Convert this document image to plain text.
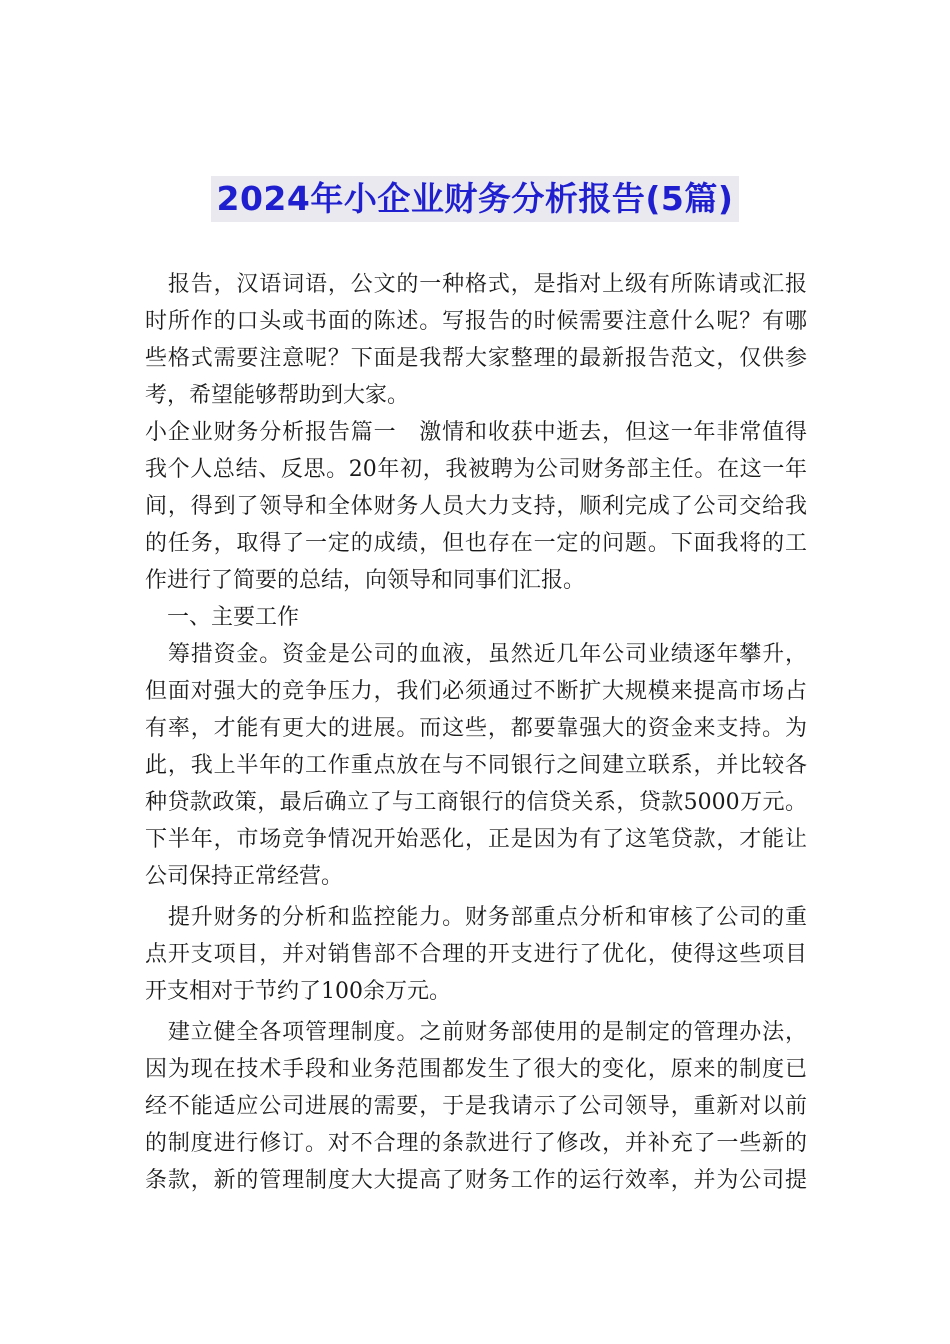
2024年小企业财务分析报告(5篇)
　报告，汉语词语，公文的一种格式，是指对上级有所陈请或汇报
时所作的口头或书面的陈述。写报告的时候需要注意什么呢？有哪
些格式需要注意呢？下面是我帮大家整理的最新报告范文，仅供参
考，希望能够帮助到大家。
小企业财务分析报告篇一　激情和收获中逝去，但这一年非常值得
我个人总结、反思。20年初，我被聘为公司财务部主任。在这一年
间，得到了领导和全体财务人员大力支持，顺利完成了公司交给我
的任务，取得了一定的成绩，但也存在一定的问题。下面我将的工
作进行了简要的总结，向领导和同事们汇报。
　一、主要工作
　筹措资金。资金是公司的血液，虽然近几年公司业绩逐年攀升，
但面对强大的竞争压力，我们必须通过不断扩大规模来提高市场占
有率，才能有更大的进展。而这些，都要靠强大的资金来支持。为
此，我上半年的工作重点放在与不同银行之间建立联系，并比较各
种贷款政策，最后确立了与工商银行的信贷关系，贷款5000万元。
下半年，市场竞争情况开始恶化，正是因为有了这笔贷款，才能让
公司保持正常经营。
　提升财务的分析和监控能力。财务部重点分析和审核了公司的重
点开支项目，并对销售部不合理的开支进行了优化，使得这些项目
开支相对于节约了100余万元。
　建立健全各项管理制度。之前财务部使用的是制定的管理办法，
因为现在技术手段和业务范围都发生了很大的变化，原来的制度已
经不能适应公司进展的需要，于是我请示了公司领导，重新对以前
的制度进行修订。对不合理的条款进行了修改，并补充了一些新的
条款，新的管理制度大大提高了财务工作的运行效率，并为公司提
